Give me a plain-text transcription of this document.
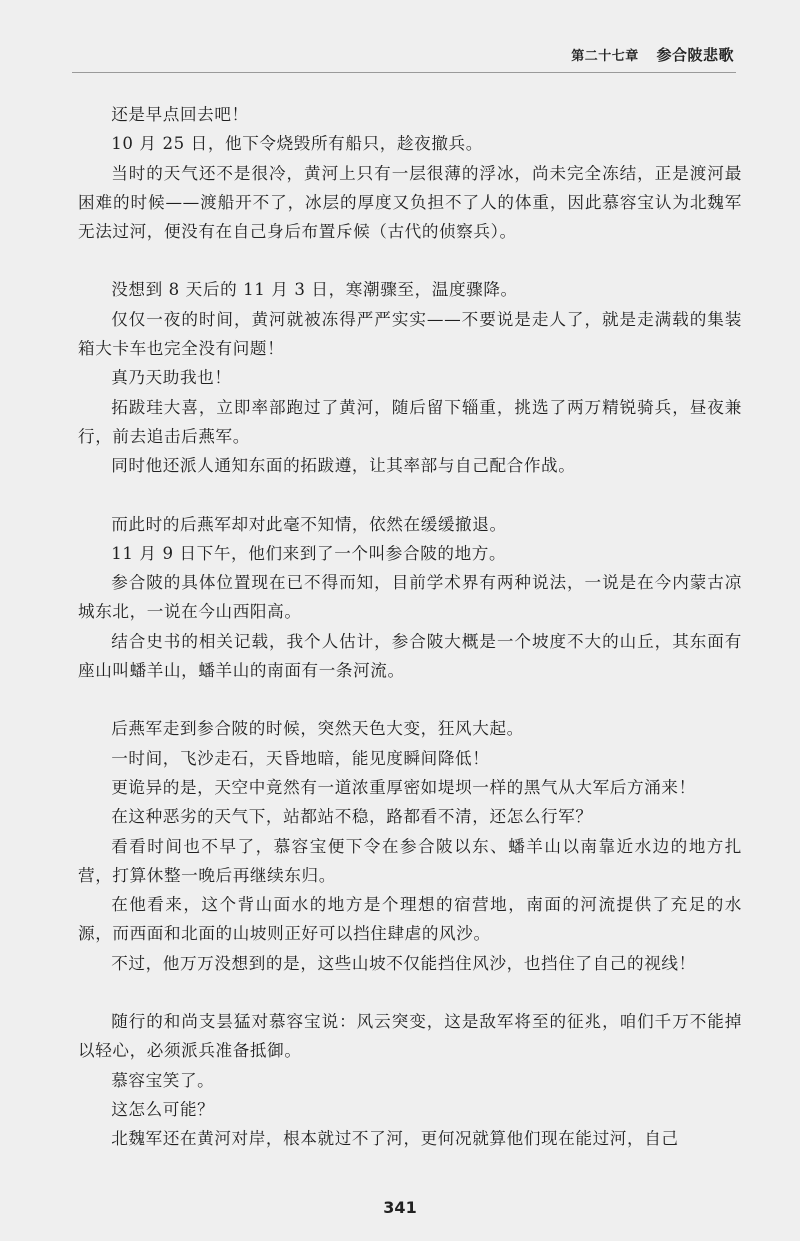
第二十七章 参合陂悲歌

还是早点回去吧！

10 月 25 日，他下令烧毁所有船只，趁夜撤兵。

当时的天气还不是很冷，黄河上只有一层很薄的浮冰，尚未完全冻结，正是渡河最困难的时候——渡船开不了，冰层的厚度又负担不了人的体重，因此慕容宝认为北魏军无法过河，便没有在自己身后布置斥候（古代的侦察兵）。

没想到 8 天后的 11 月 3 日，寒潮骤至，温度骤降。

仅仅一夜的时间，黄河就被冻得严严实实——不要说是走人了，就是走满载的集装箱大卡车也完全没有问题！

真乃天助我也！

拓跋珪大喜，立即率部跑过了黄河，随后留下辎重，挑选了两万精锐骑兵，昼夜兼行，前去追击后燕军。

同时他还派人通知东面的拓跋遵，让其率部与自己配合作战。

而此时的后燕军却对此毫不知情，依然在缓缓撤退。

11 月 9 日下午，他们来到了一个叫参合陂的地方。

参合陂的具体位置现在已不得而知，目前学术界有两种说法，一说是在今内蒙古凉城东北，一说在今山西阳高。

结合史书的相关记载，我个人估计，参合陂大概是一个坡度不大的山丘，其东面有座山叫蟠羊山，蟠羊山的南面有一条河流。

后燕军走到参合陂的时候，突然天色大变，狂风大起。

一时间，飞沙走石，天昏地暗，能见度瞬间降低！

更诡异的是，天空中竟然有一道浓重厚密如堤坝一样的黑气从大军后方涌来！

在这种恶劣的天气下，站都站不稳，路都看不清，还怎么行军？

看看时间也不早了，慕容宝便下令在参合陂以东、蟠羊山以南靠近水边的地方扎营，打算休整一晚后再继续东归。

在他看来，这个背山面水的地方是个理想的宿营地，南面的河流提供了充足的水源，而西面和北面的山坡则正好可以挡住肆虐的风沙。

不过，他万万没想到的是，这些山坡不仅能挡住风沙，也挡住了自己的视线！

随行的和尚支昙猛对慕容宝说：风云突变，这是敌军将至的征兆，咱们千万不能掉以轻心，必须派兵准备抵御。

慕容宝笑了。

这怎么可能？

北魏军还在黄河对岸，根本就过不了河，更何况就算他们现在能过河，自己

341
